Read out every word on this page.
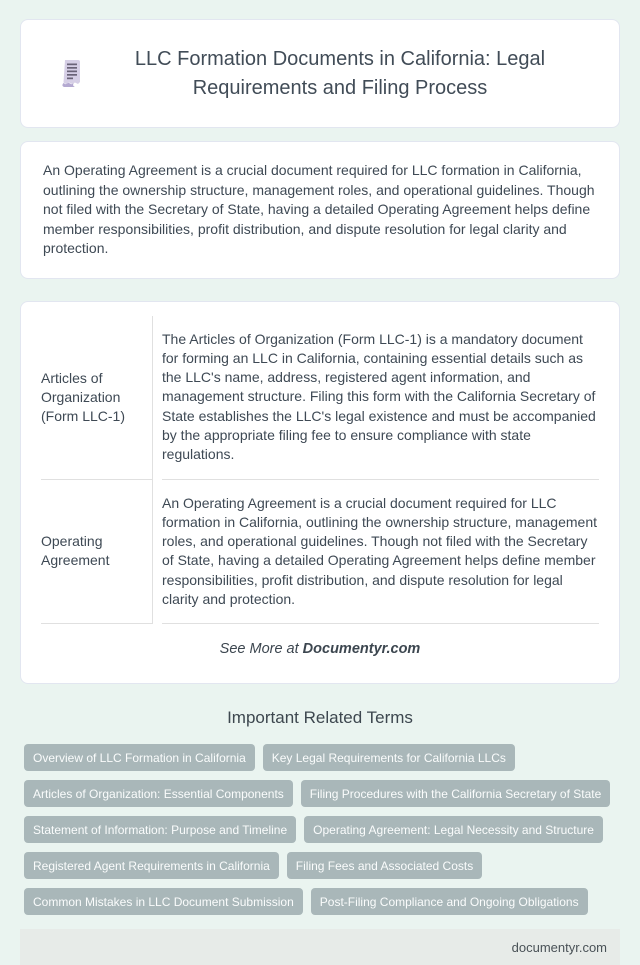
LLC Formation Documents in California: Legal Requirements and Filing Process

An Operating Agreement is a crucial document required for LLC formation in California, outlining the ownership structure, management roles, and operational guidelines. Though not filed with the Secretary of State, having a detailed Operating Agreement helps define member responsibilities, profit distribution, and dispute resolution for legal clarity and protection.

Articles of Organization (Form LLC-1)
The Articles of Organization (Form LLC-1) is a mandatory document for forming an LLC in California, containing essential details such as the LLC's name, address, registered agent information, and management structure. Filing this form with the California Secretary of State establishes the LLC's legal existence and must be accompanied by the appropriate filing fee to ensure compliance with state regulations.
Operating Agreement
An Operating Agreement is a crucial document required for LLC formation in California, outlining the ownership structure, management roles, and operational guidelines. Though not filed with the Secretary of State, having a detailed Operating Agreement helps define member responsibilities, profit distribution, and dispute resolution for legal clarity and protection.

See More at Documentyr.com

Important Related Terms
Overview of LLC Formation in California	Key Legal Requirements for California LLCs
Articles of Organization: Essential Components	Filing Procedures with the California Secretary of State
Statement of Information: Purpose and Timeline	Operating Agreement: Legal Necessity and Structure
Registered Agent Requirements in California	Filing Fees and Associated Costs
Common Mistakes in LLC Document Submission	Post-Filing Compliance and Ongoing Obligations
documentyr.com
